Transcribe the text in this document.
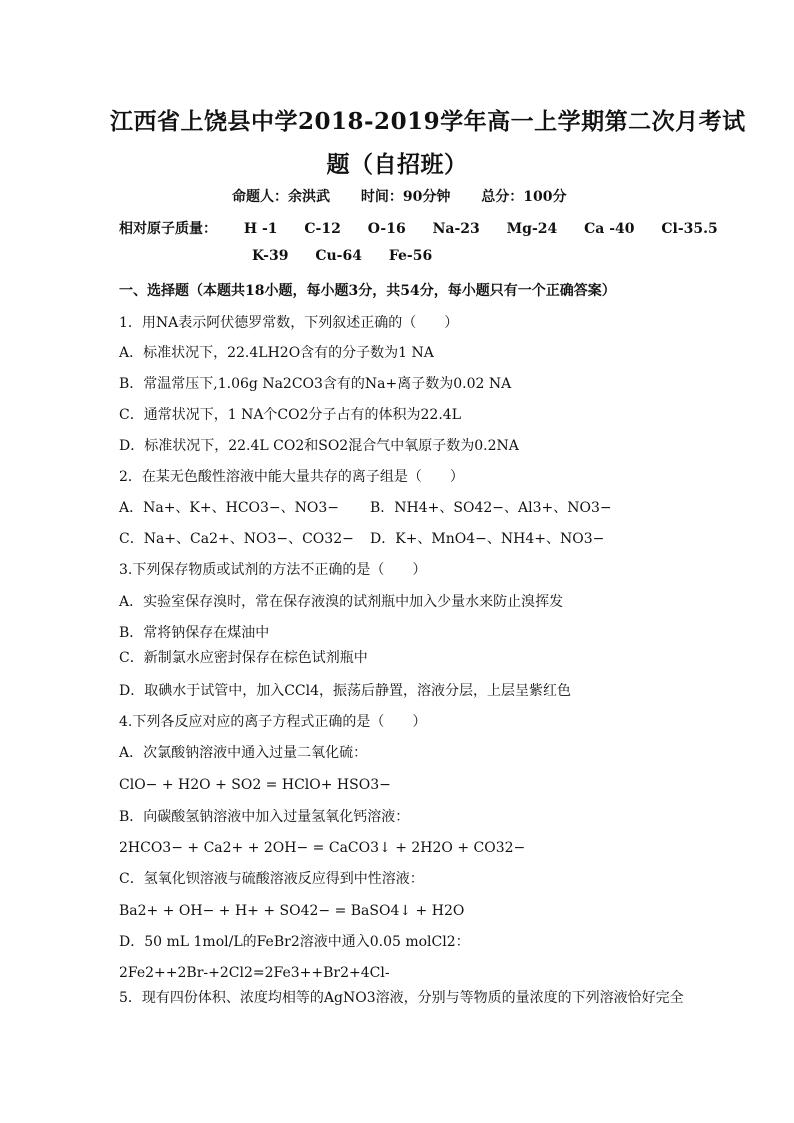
江西省上饶县中学2018-2019学年高一上学期第二次月考试
题（自招班）
命题人：余洪武 时间：90分钟 总分：100分
相对原子质量： H -1 C-12 O-16 Na-23 Mg-24 Ca -40 Cl-35.5
K-39 Cu-64 Fe-56
一、选择题（本题共18小题，每小题3分，共54分，每小题只有一个正确答案）
1．用NA表示阿伏德罗常数，下列叙述正确的（　　）
A．标准状况下，22.4LH2O含有的分子数为1 NA
B．常温常压下,1.06g Na2CO3含有的Na+离子数为0.02 NA
C．通常状况下，1 NA个CO2分子占有的体积为22.4L
D．标准状况下，22.4L CO2和SO2混合气中氧原子数为0.2NA
2．在某无色酸性溶液中能大量共存的离子组是（　　）
A．Na+、K+、HCO3−、NO3− B．NH4+、SO42−、Al3+、NO3−
C．Na+、Ca2+、NO3−、CO32− D．K+、MnO4−、NH4+、NO3−
3.下列保存物质或试剂的方法不正确的是（　　）
A．实验室保存溴时，常在保存液溴的试剂瓶中加入少量水来防止溴挥发
B．常将钠保存在煤油中
C．新制氯水应密封保存在棕色试剂瓶中
D．取碘水于试管中，加入CCl4，振荡后静置，溶液分层，上层呈紫红色
4.下列各反应对应的离子方程式正确的是（　　）
A．次氯酸钠溶液中通入过量二氧化硫：
ClO− + H2O + SO2 = HClO+ HSO3−
B．向碳酸氢钠溶液中加入过量氢氧化钙溶液：
2HCO3− + Ca2+ + 2OH− = CaCO3↓ + 2H2O + CO32−
C．氢氧化钡溶液与硫酸溶液反应得到中性溶液：
Ba2+ + OH− + H+ + SO42− = BaSO4↓ + H2O
D．50 mL 1mol/L的FeBr2溶液中通入0.05 molCl2：
2Fe2++2Br-+2Cl2=2Fe3++Br2+4Cl-
5．现有四份体积、浓度均相等的AgNO3溶液，分别与等物质的量浓度的下列溶液恰好完全
